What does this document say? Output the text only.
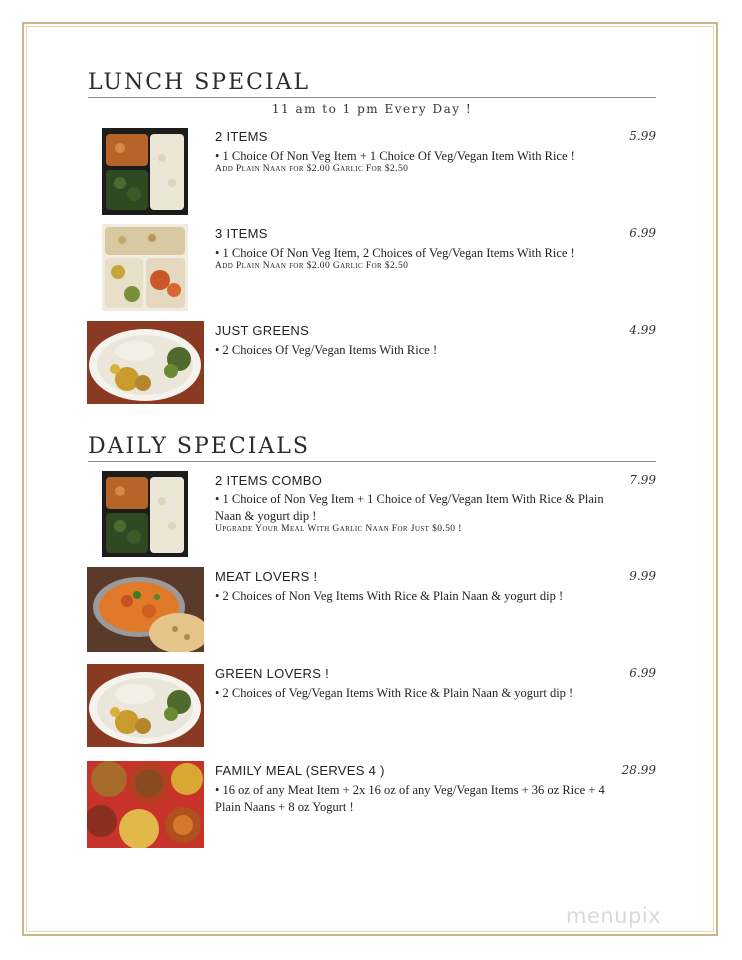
LUNCH SPECIAL
11 am to 1 pm Every Day !
2 ITEMS	5.99
• 1 Choice Of Non Veg Item + 1 Choice Of Veg/Vegan Item With Rice !
Add Plain Naan for $2.00 Garlic For $2.50
3 ITEMS	6.99
• 1 Choice Of Non Veg Item, 2 Choices of Veg/Vegan Items With Rice !
Add Plain Naan for $2.00 Garlic For $2.50
JUST GREENS	4.99
• 2 Choices Of Veg/Vegan Items With Rice !
DAILY SPECIALS
2 ITEMS COMBO	7.99
• 1 Choice of Non Veg Item + 1 Choice of Veg/Vegan Item With Rice & Plain Naan & yogurt dip !
Upgrade Your Meal With Garlic Naan For Just $0.50 !
MEAT LOVERS !	9.99
• 2 Choices of Non Veg Items With Rice & Plain Naan & yogurt dip !
GREEN LOVERS !	6.99
• 2 Choices of Veg/Vegan Items With Rice & Plain Naan & yogurt dip !
FAMILY MEAL (SERVES 4 )	28.99
• 16 oz of any Meat Item + 2x 16 oz of any Veg/Vegan Items + 36 oz Rice + 4 Plain Naans + 8 oz Yogurt !
menupix
